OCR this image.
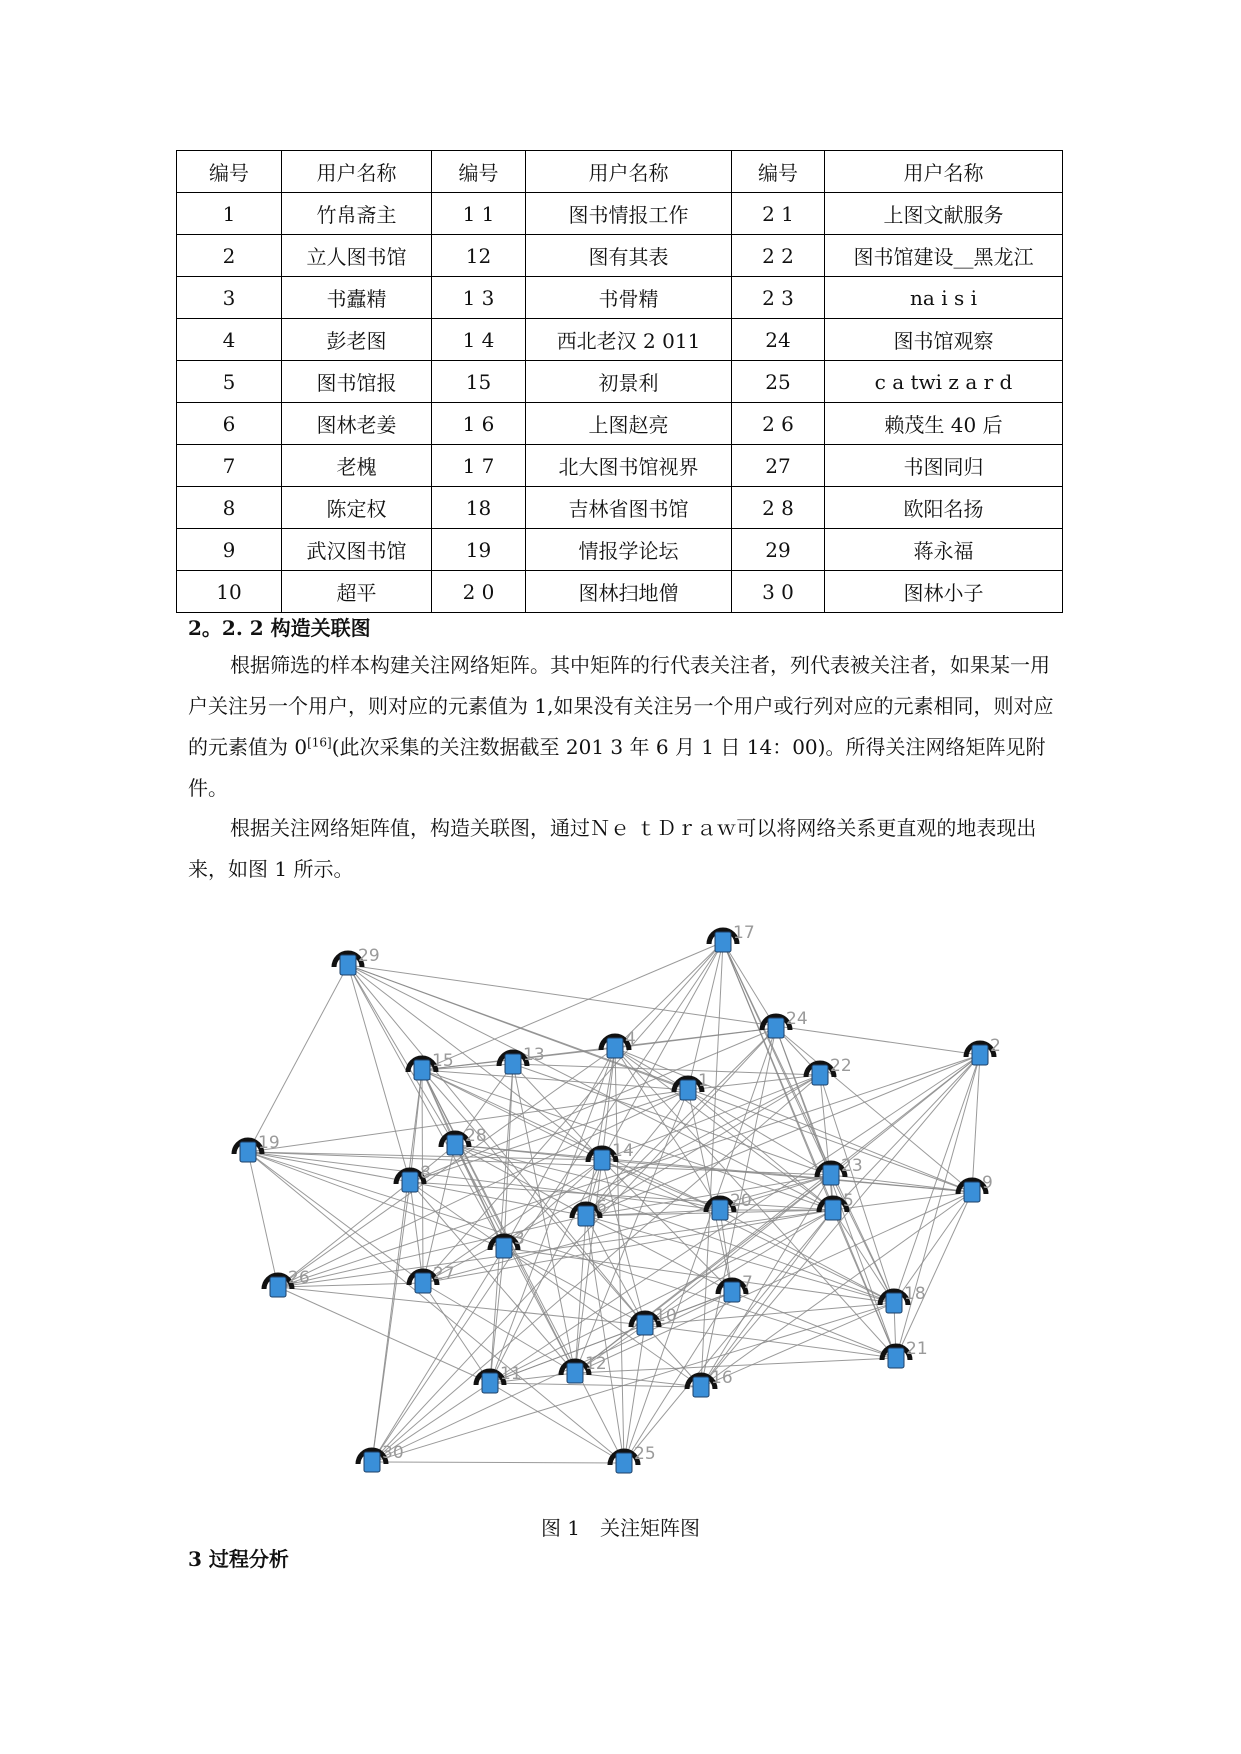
编号	用户名称	编号	用户名称	编号	用户名称
1	竹帛斋主	1 1	图书情报工作	2 1	上图文献服务
2	立人图书馆	12	图有其表	2 2	图书馆建设__黑龙江
3	书蠹精	1 3	书骨精	2 3	na i s i
4	彭老图	1 4	西北老汉 2 011	24	图书馆观察
5	图书馆报	15	初景利	25	c a twi z a r d
6	图林老姜	1 6	上图赵亮	2 6	赖茂生 40 后
7	老槐	1 7	北大图书馆视界	27	书图同归
8	陈定权	18	吉林省图书馆	2 8	欧阳名扬
9	武汉图书馆	19	情报学论坛	29	蒋永福
10	超平	2 0	图林扫地僧	3 0	图林小子
2。2. 2 构造关联图

根据筛选的样本构建关注网络矩阵。其中矩阵的行代表关注者，列代表被关注者，如果某一用户关注另一个用户，则对应的元素值为 1,如果没有关注另一个用户或行列对应的元素相同，则对应的元素值为 0[16](此次采集的关注数据截至 201 3 年 6 月 1 日 14：00)。所得关注网络矩阵见附件。

根据关注网络矩阵值，构造关联图，通过Ｎｅ ｔＤｒａｗ可以将网络关系更直观的地表现出来，如图 1 所示。

1
2
3
4
5
6
7
8	9
10
11	12
13
14
15
16
17
18
19
20
21
22
23
24
25
26	27
28
29
30
图 1　关注矩阵图
3 过程分析
